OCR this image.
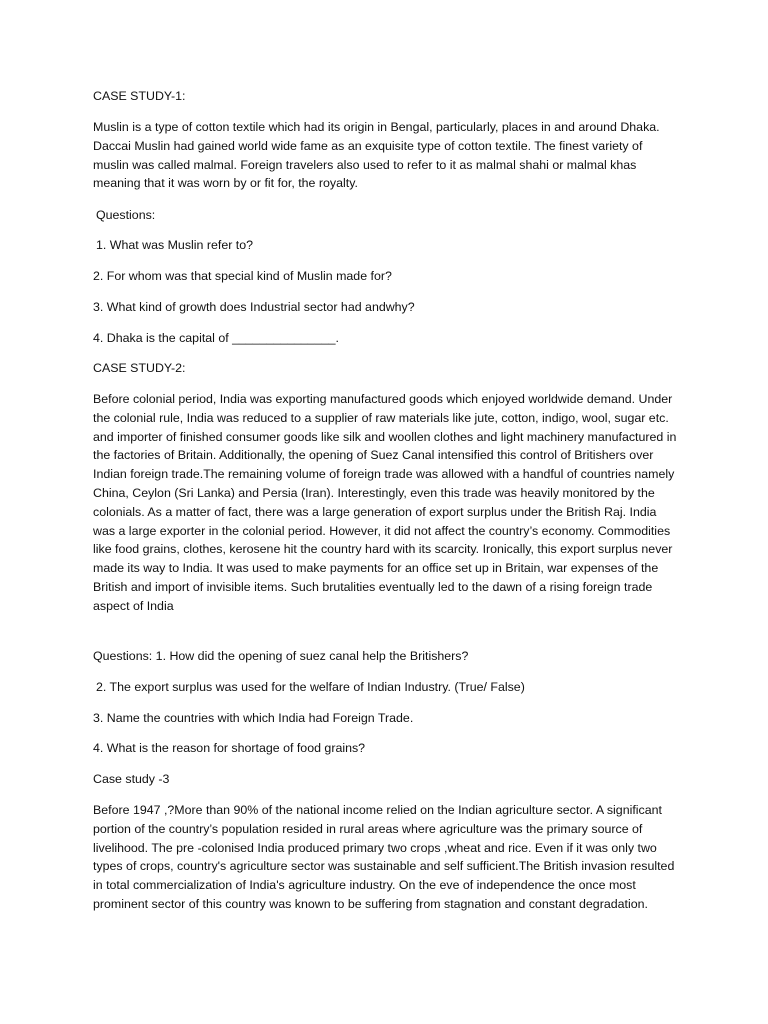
CASE STUDY-1:

Muslin is a type of cotton textile which had its origin in Bengal, particularly, places in and around Dhaka. Daccai Muslin had gained world wide fame as an exquisite type of cotton textile. The finest variety of muslin was called malmal. Foreign travelers also used to refer to it as malmal shahi or malmal khas meaning that it was worn by or fit for, the royalty.

Questions:

1. What was Muslin refer to?

2. For whom was that special kind of Muslin made for?

3. What kind of growth does Industrial sector had andwhy?

4. Dhaka is the capital of _______________.

CASE STUDY-2:

Before colonial period, India was exporting manufactured goods which enjoyed worldwide demand. Under the colonial rule, India was reduced to a supplier of raw materials like jute, cotton, indigo, wool, sugar etc. and importer of finished consumer goods like silk and woollen clothes and light machinery manufactured in the factories of Britain. Additionally, the opening of Suez Canal intensified this control of Britishers over Indian foreign trade.The remaining volume of foreign trade was allowed with a handful of countries namely China, Ceylon (Sri Lanka) and Persia (Iran). Interestingly, even this trade was heavily monitored by the colonials. As a matter of fact, there was a large generation of export surplus under the British Raj. India was a large exporter in the colonial period. However, it did not affect the country’s economy. Commodities like food grains, clothes, kerosene hit the country hard with its scarcity. Ironically, this export surplus never made its way to India. It was used to make payments for an office set up in Britain, war expenses of the British and import of invisible items. Such brutalities eventually led to the dawn of a rising foreign trade aspect of India

Questions: 1. How did the opening of suez canal help the Britishers?

2. The export surplus was used for the welfare of Indian Industry. (True/ False)

3. Name the countries with which India had Foreign Trade.

4. What is the reason for shortage of food grains?

Case study -3

Before 1947 ,?More than 90% of the national income relied on the Indian agriculture sector. A significant portion of the country’s population resided in rural areas where agriculture was the primary source of livelihood. The pre -colonised India produced primary two crops ,wheat and rice. Even if it was only two types of crops, country's agriculture sector was sustainable and self sufficient.The British invasion resulted in total commercialization of India's agriculture industry. On the eve of independence the once most prominent sector of this country was known to be suffering from stagnation and constant degradation.
